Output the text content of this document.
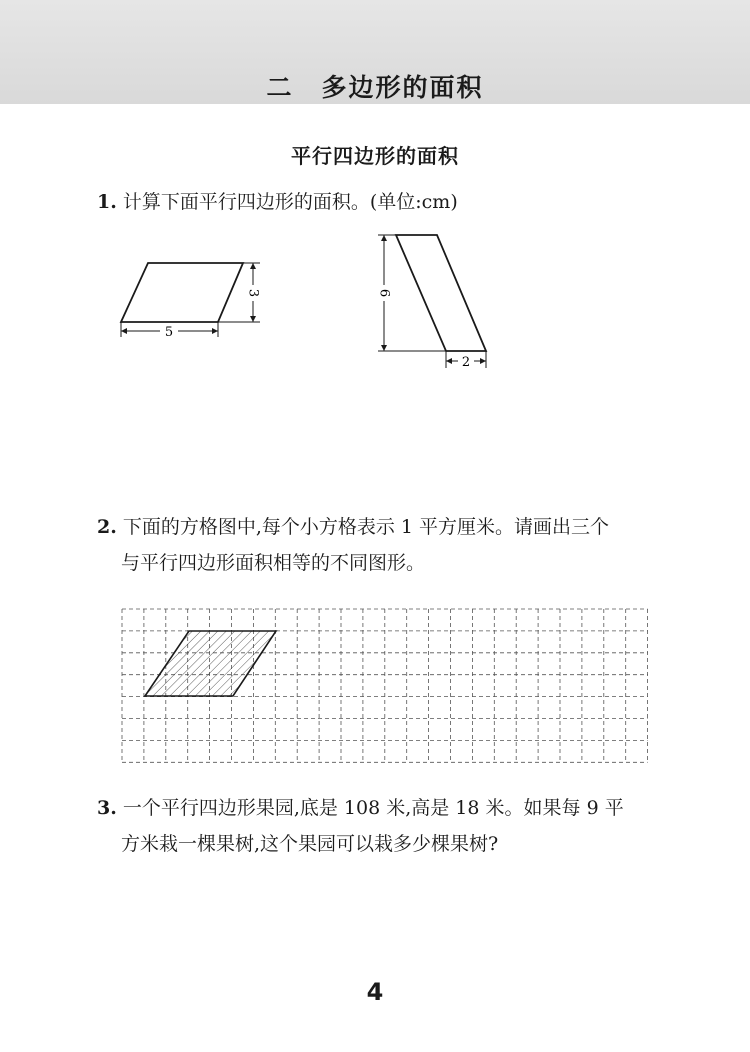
二 多边形的面积
平行四边形的面积
1. 计算下面平行四边形的面积。(单位:cm)
5
3	6
2
2. 下面的方格图中,每个小方格表示 1 平方厘米。请画出三个
与平行四边形面积相等的不同图形。
3. 一个平行四边形果园,底是 108 米,高是 18 米。如果每 9 平
方米栽一棵果树,这个果园可以栽多少棵果树?
4
